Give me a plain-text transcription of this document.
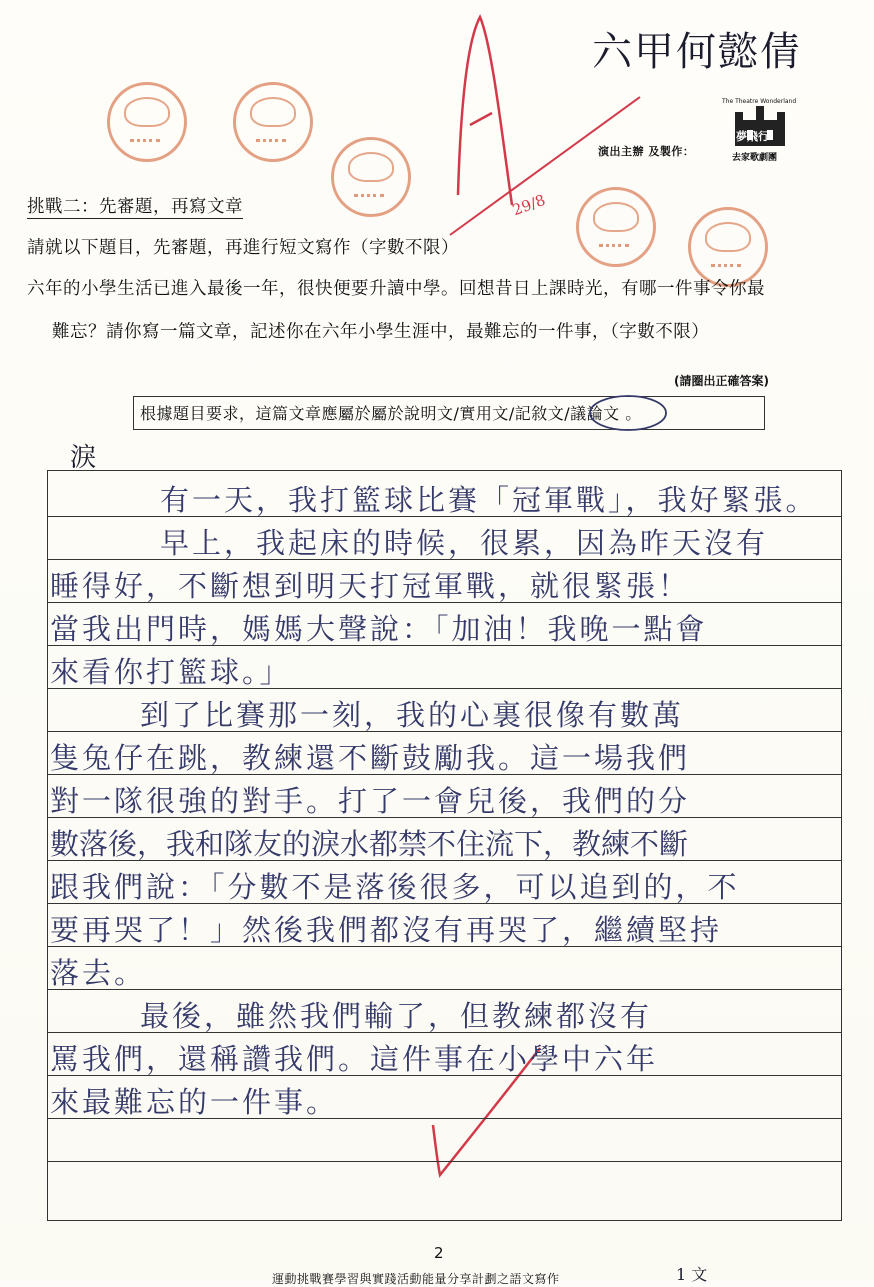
29/8
六甲何懿倩
演出主辦 及製作：
The Theatre Wonderland
夢飛行
去家歌劇團
挑戰二：先審題，再寫文章
請就以下題目，先審題，再進行短文寫作（字數不限）
六年的小學生活已進入最後一年，很快便要升讀中學。回想昔日上課時光，有哪一件事令你最
難忘？請你寫一篇文章，記述你在六年小學生涯中，最難忘的一件事，（字數不限）
(請圈出正確答案)
根據題目要求，這篇文章應屬於屬於說明文/實用文/記敘文/議論文 。
淚
有一天，我打籃球比賽「冠軍戰」，我好緊張。
早上，我起床的時候，很累，因為昨天沒有
睡得好，不斷想到明天打冠軍戰，就很緊張！
當我出門時，媽媽大聲說：「加油！我晚一點會
來看你打籃球。」
到了比賽那一刻，我的心裏很像有數萬
隻兔仔在跳，教練還不斷鼓勵我。這一場我們
對一隊很強的對手。打了一會兒後，我們的分
數落後，我和隊友的淚水都禁不住流下，教練不斷
跟我們說：「分數不是落後很多，可以追到的，不
要再哭了！」然後我們都沒有再哭了，繼續堅持
落去。
最後，雖然我們輸了，但教練都沒有
罵我們，還稱讚我們。這件事在小學中六年
來最難忘的一件事。
2
運動挑戰賽學習與實踐活動能量分享計劃之語文寫作	1 文
